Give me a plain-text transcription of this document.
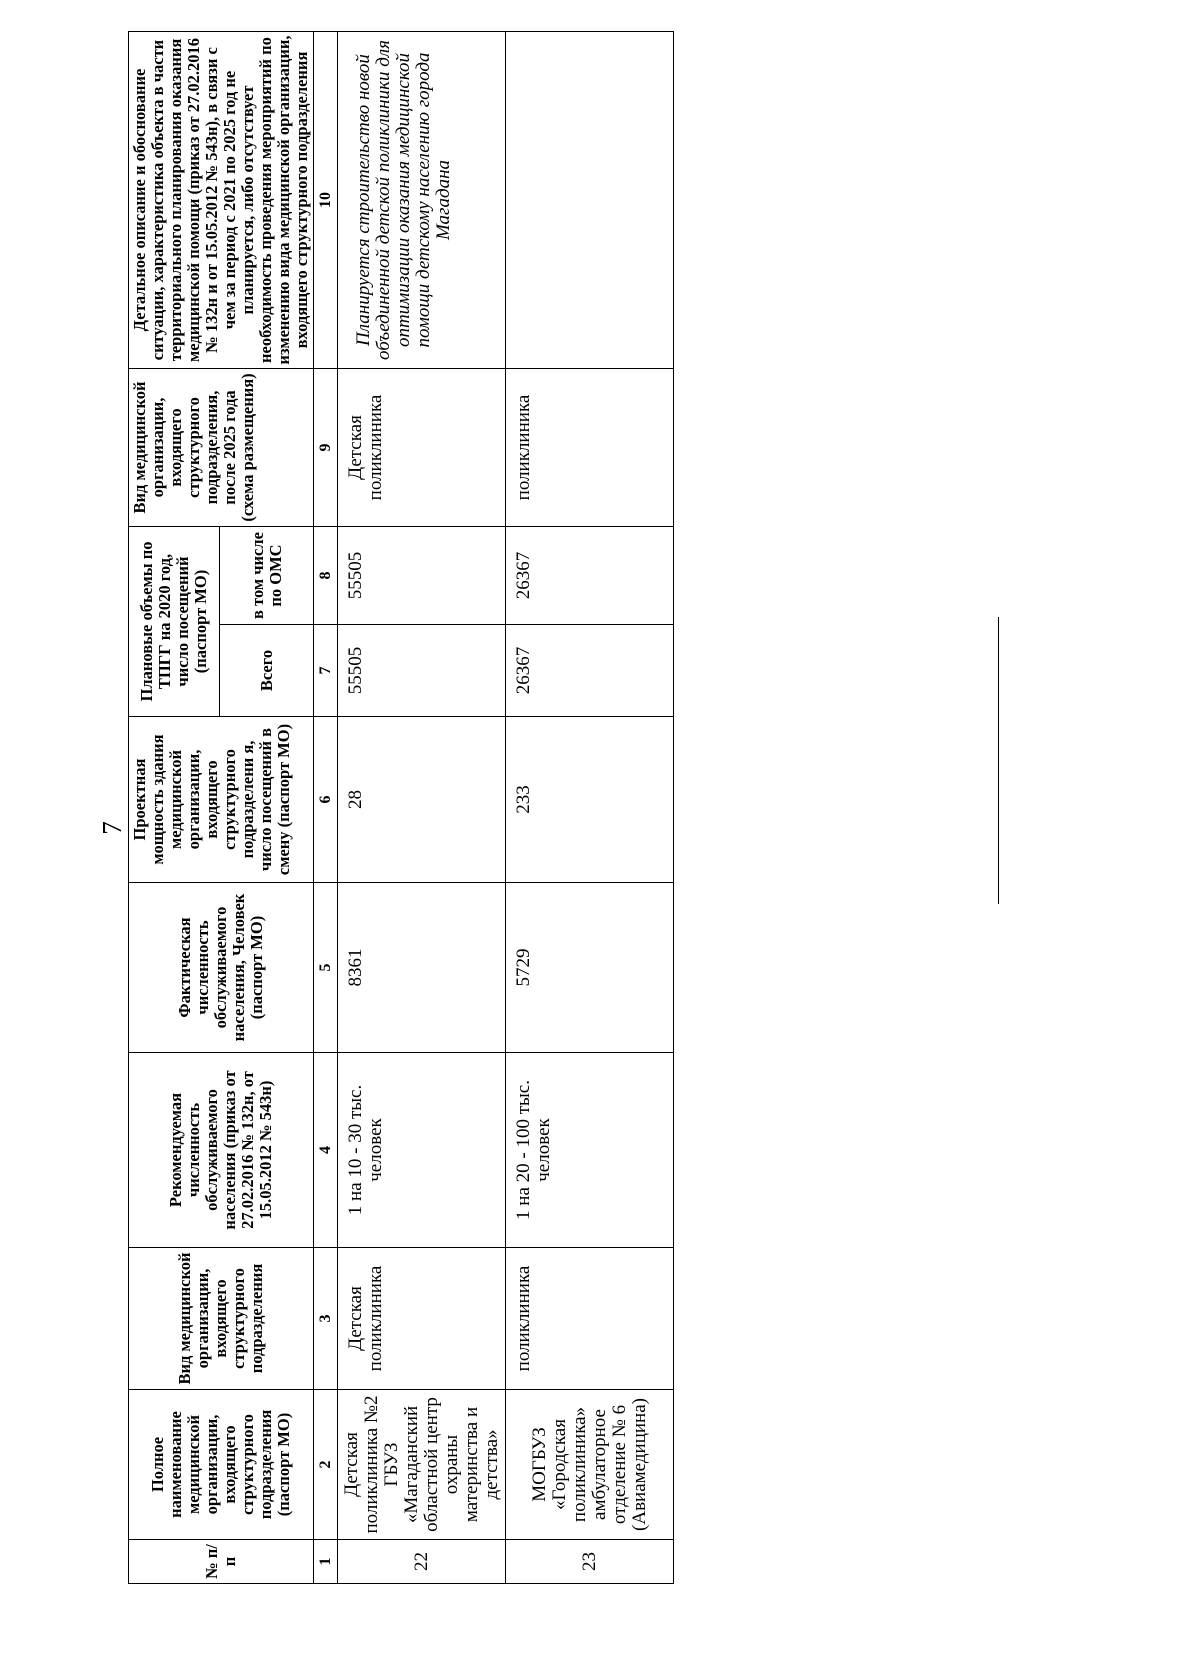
7
№ п/п	Полное наименование медицинской организации, входящего структурного подразделения (паспорт МО)	Вид медицинской организации, входящего структурного подразделения	Рекомендуемая численность обслуживаемого населения (приказ от 27.02.2016 № 132н, от 15.05.2012 № 543н)	Фактическая численность обслуживаемого населения, Человек (паспорт МО)	Проектная мощность здания медицинской организации, входящего структурного подразделени я, число посещений в смену (паспорт МО)	Плановые объемы по ТПГГ на 2020 год, число посещений (паспорт МО)		Вид медицинской организации, входящего структурного подразделения, после 2025 года (схема размещения)	Детальное описание и обоснование ситуации, характеристика объекта в части территориального планирования оказания медицинской помощи (приказ от 27.02.2016 № 132н и от 15.05.2012 № 543н), в связи с чем за период с 2021 по 2025 год не планируется, либо отсутствует необходимость проведения мероприятий по изменению вида медицинской организации, входящего структурного подразделения
						Всего	в том числе по ОМС		
1	2	3	4	5	6	7	8	9	10
22	Детская поликлиника №2 ГБУЗ «Магаданский областной центр охраны материнства и детства»	Детская поликлиника	1 на 10 - 30 тыс. человек	8361	28	55505	55505	Детская поликлиника	Планируется строительство новой объединенной детской поликлиники для оптимизации оказания медицинской помощи детскому населению города Магадана
23	МОГБУЗ «Городская поликлиника» амбулаторное отделение № 6 (Авиамедицина)	поликлиника	1 на 20 - 100 тыс. человек	5729	233	26367	26367	поликлиника	
